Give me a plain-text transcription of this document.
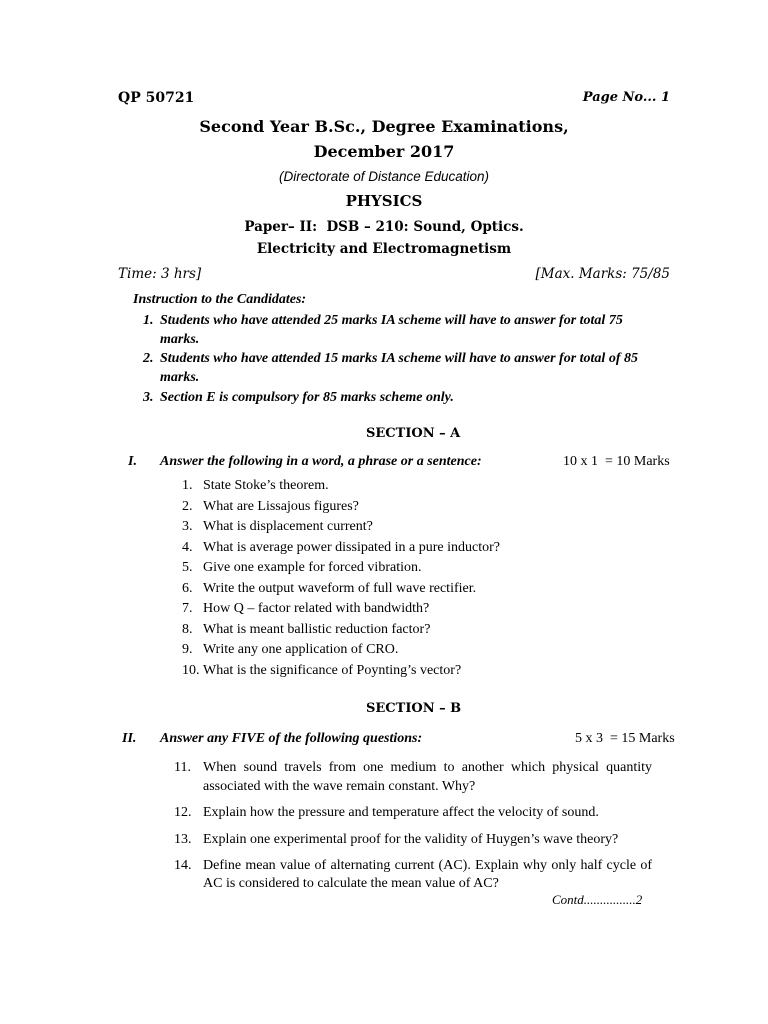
QP 50721	Page No... 1
Second Year B.Sc., Degree Examinations,
December 2017
(Directorate of Distance Education)
PHYSICS
Paper– II:  DSB – 210: Sound, Optics.
Electricity and Electromagnetism
Time: 3 hrs]	[Max. Marks: 75/85
Instruction to the Candidates:
1. Students who have attended 25 marks IA scheme will have to answer for total 75 marks.
2. Students who have attended 15 marks IA scheme will have to answer for total of 85 marks.
3. Section E is compulsory for 85 marks scheme only.
SECTION – A
I. Answer the following in a word, a phrase or a sentence:	10 x 1  = 10 Marks
1. State Stoke’s theorem.
2. What are Lissajous figures?
3. What is displacement current?
4. What is average power dissipated in a pure inductor?
5. Give one example for forced vibration.
6. Write the output waveform of full wave rectifier.
7. How Q – factor related with bandwidth?
8. What is meant ballistic reduction factor?
9. Write any one application of CRO.
10. What is the significance of Poynting’s vector?
SECTION – B
II. Answer any FIVE of the following questions:	5 x 3  = 15 Marks
11. When sound travels from one medium to another which physical quantity associated with the wave remain constant. Why?
12. Explain how the pressure and temperature affect the velocity of sound.
13. Explain one experimental proof for the validity of Huygen’s wave theory?
14. Define mean value of alternating current (AC). Explain why only half cycle of AC is considered to calculate the mean value of AC?
Contd................2
